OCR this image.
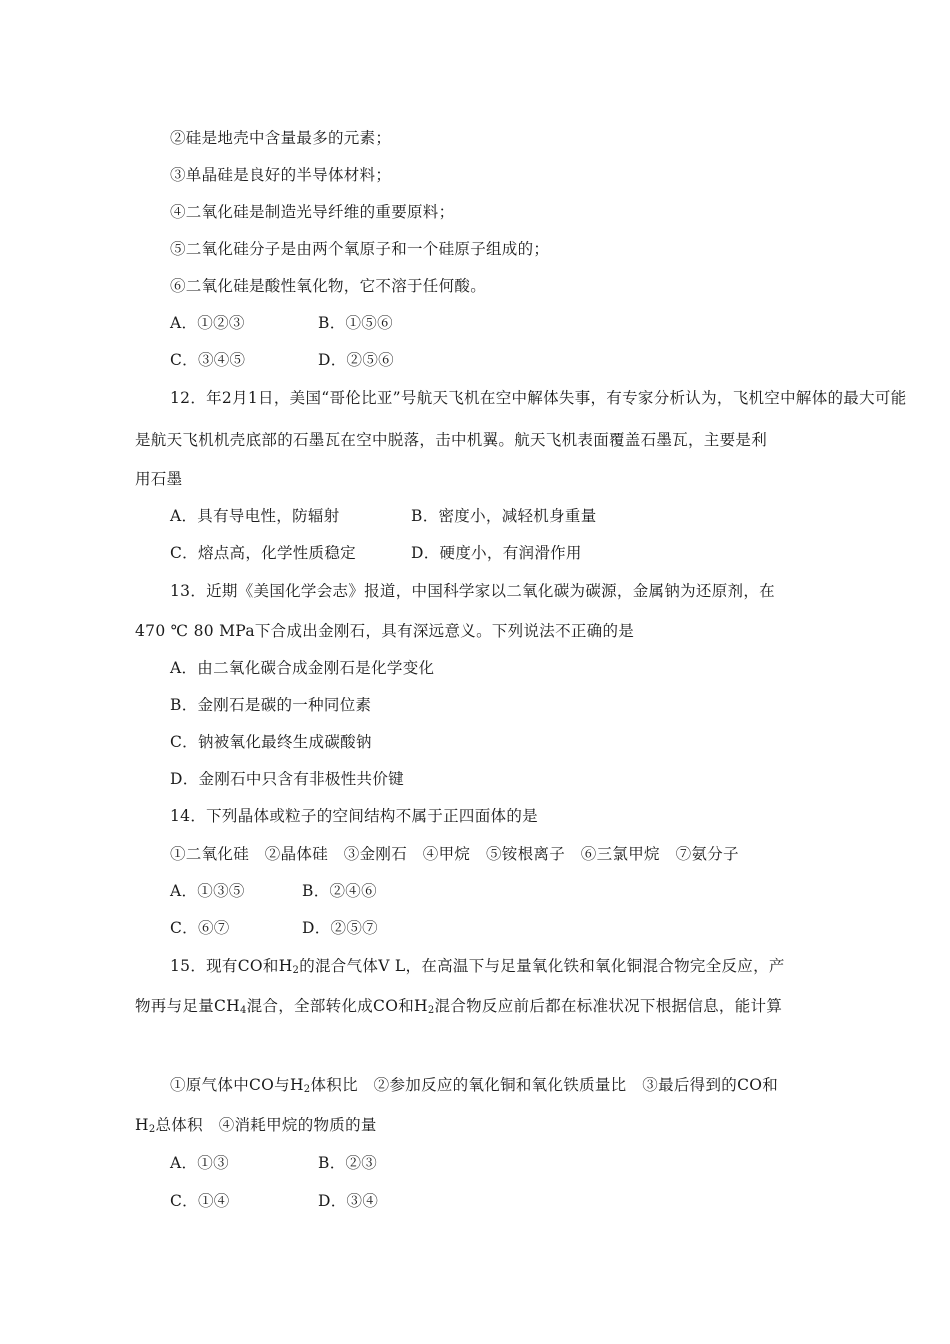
②硅是地壳中含量最多的元素；
③单晶硅是良好的半导体材料；
④二氧化硅是制造光导纤维的重要原料；
⑤二氧化硅分子是由两个氧原子和一个硅原子组成的；
⑥二氧化硅是酸性氧化物，它不溶于任何酸。
A．①②③	B．①⑤⑥
C．③④⑤	D．②⑤⑥
12．年2月1日，美国“哥伦比亚”号航天飞机在空中解体失事，有专家分析认为，飞机空中解体的最大可能
是航天飞机机壳底部的石墨瓦在空中脱落，击中机翼。航天飞机表面覆盖石墨瓦，主要是利
用石墨
A．具有导电性，防辐射	B．密度小，减轻机身重量
C．熔点高，化学性质稳定	D．硬度小，有润滑作用
13．近期《美国化学会志》报道，中国科学家以二氧化碳为碳源，金属钠为还原剂，在
470 ℃ 80 MPa下合成出金刚石，具有深远意义。下列说法不正确的是
A．由二氧化碳合成金刚石是化学变化
B．金刚石是碳的一种同位素
C．钠被氧化最终生成碳酸钠
D．金刚石中只含有非极性共价键
14．下列晶体或粒子的空间结构不属于正四面体的是
①二氧化硅　②晶体硅　③金刚石　④甲烷　⑤铵根离子　⑥三氯甲烷　⑦氨分子
A．①③⑤	B．②④⑥
C．⑥⑦	D．②⑤⑦
15．现有CO和$H_2$的混合气体V L，在高温下与足量氧化铁和氧化铜混合物完全反应，产
物再与足量$CH_4$混合，全部转化成CO和$H_2$混合物反应前后都在标准状况下根据信息，能计算
①原气体中CO与$H_2$体积比　②参加反应的氧化铜和氧化铁质量比　③最后得到的CO和
$H_2$总体积　④消耗甲烷的物质的量
A．①③	B．②③
C．①④	D．③④
